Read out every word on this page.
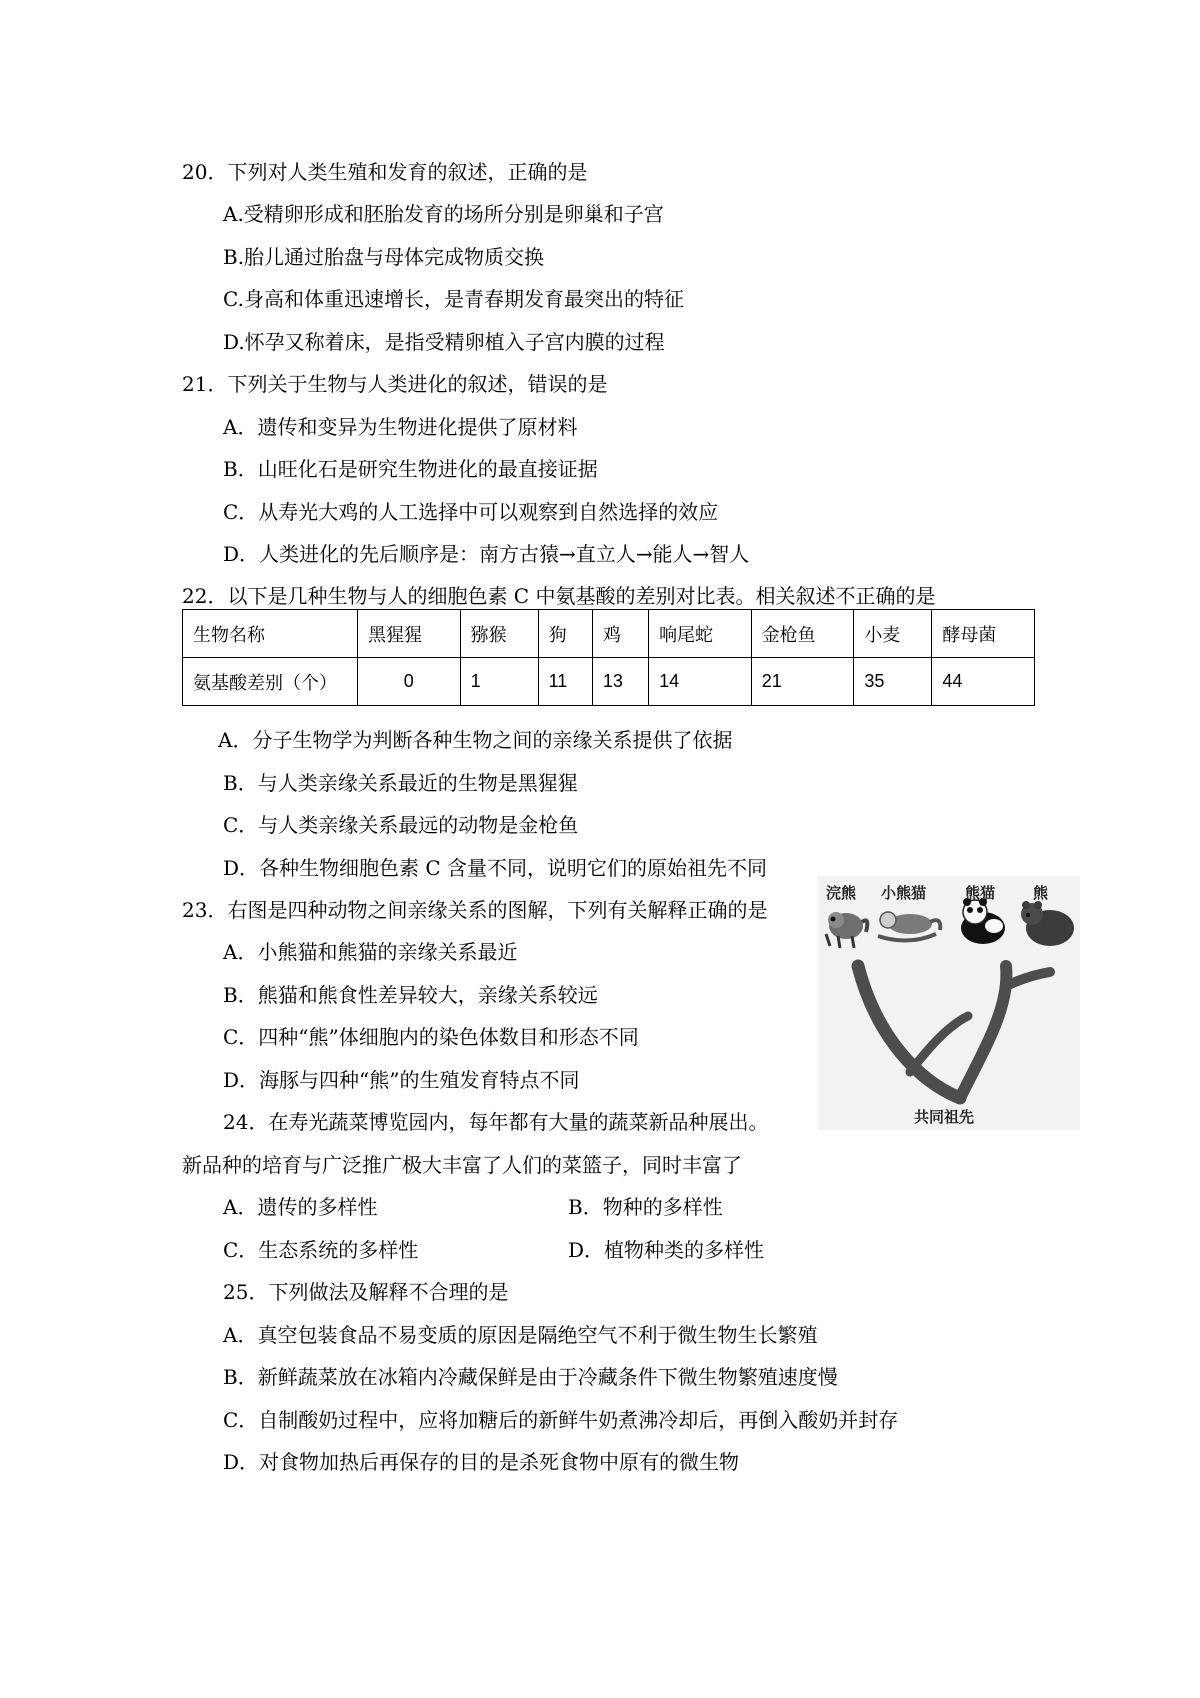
20．下列对人类生殖和发育的叙述，正确的是
A.受精卵形成和胚胎发育的场所分别是卵巢和子宫
B.胎儿通过胎盘与母体完成物质交换
C.身高和体重迅速增长，是青春期发育最突出的特征
D.怀孕又称着床，是指受精卵植入子宫内膜的过程
21．下列关于生物与人类进化的叙述，错误的是
A．遗传和变异为生物进化提供了原材料
B．山旺化石是研究生物进化的最直接证据
C．从寿光大鸡的人工选择中可以观察到自然选择的效应
D．人类进化的先后顺序是：南方古猿→直立人→能人→智人
22．以下是几种生物与人的细胞色素 C 中氨基酸的差别对比表。相关叙述不正确的是
生物名称	黑猩猩	猕猴	狗	鸡	响尾蛇	金枪鱼	小麦	酵母菌
氨基酸差别（个）	0	1	11	13	14	21	35	44
A．分子生物学为判断各种生物之间的亲缘关系提供了依据
B．与人类亲缘关系最近的生物是黑猩猩
C．与人类亲缘关系最远的动物是金枪鱼
D．各种生物细胞色素 C 含量不同，说明它们的原始祖先不同
23．右图是四种动物之间亲缘关系的图解，下列有关解释正确的是
A．小熊猫和熊猫的亲缘关系最近
B．熊猫和熊食性差异较大，亲缘关系较远
C．四种“熊”体细胞内的染色体数目和形态不同
D．海豚与四种“熊”的生殖发育特点不同
浣熊 小熊猫	熊猫	熊
共同祖先
24．在寿光蔬菜博览园内，每年都有大量的蔬菜新品种展出。
新品种的培育与广泛推广极大丰富了人们的菜篮子，同时丰富了
A．遗传的多样性	B．物种的多样性
C．生态系统的多样性	D．植物种类的多样性
25．下列做法及解释不合理的是
A．真空包装食品不易变质的原因是隔绝空气不利于微生物生长繁殖
B．新鲜蔬菜放在冰箱内冷藏保鲜是由于冷藏条件下微生物繁殖速度慢
C．自制酸奶过程中，应将加糖后的新鲜牛奶煮沸冷却后，再倒入酸奶并封存
D．对食物加热后再保存的目的是杀死食物中原有的微生物
